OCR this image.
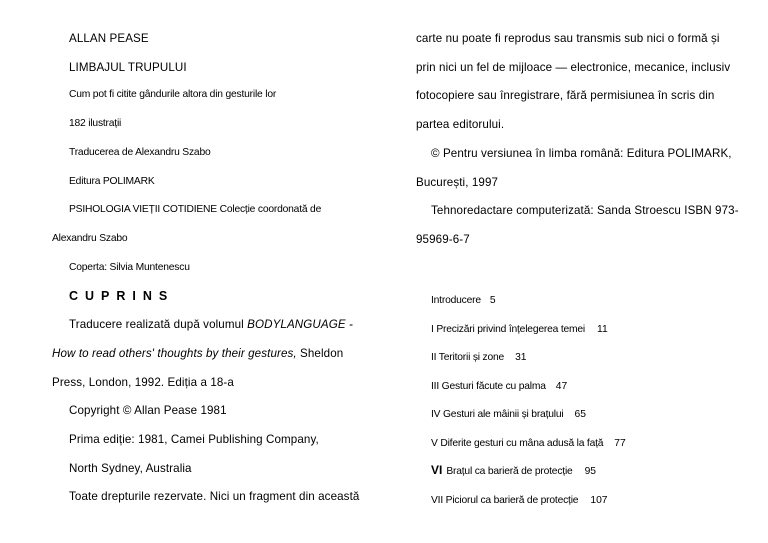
ALLAN PEASE
LIMBAJUL TRUPULUI
Cum pot fi citite gândurile altora din gesturile lor
182 ilustrații
Traducerea de Alexandru Szabo
Editura POLIMARK
PSIHOLOGIA VIEȚII COTIDIENE Colecție coordonată de
Alexandru Szabo
Coperta: Silvia Muntenescu
CUPRINS
Traducere realizată după volumul BODYLANGUAGE -
How to read others' thoughts by their gestures, Sheldon
Press, London, 1992. Ediția a 18-a
Copyright © Allan Pease 1981
Prima ediție: 1981, Camei Publishing Company,
North Sydney, Australia
Toate drepturile rezervate. Nici un fragment din această
carte nu poate fi reprodus sau transmis sub nici o formă și
prin nici un fel de mijloace — electronice, mecanice, inclusiv
fotocopiere sau înregistrare, fără permisiunea în scris din
partea editorului.
© Pentru versiunea în limba română: Editura POLIMARK,
București, 1997
Tehnoredactare computerizată: Sanda Stroescu ISBN 973-
95969-6-7
Introducere 5
I Precizări privind înțelegerea temei 11
II Teritorii și zone 31
III Gesturi făcute cu palma 47
IV Gesturi ale mâinii și brațului 65
V Diferite gesturi cu mâna adusă la față 77
VI Brațul ca barieră de protecție 95
VII Piciorul ca barieră de protecție 107
